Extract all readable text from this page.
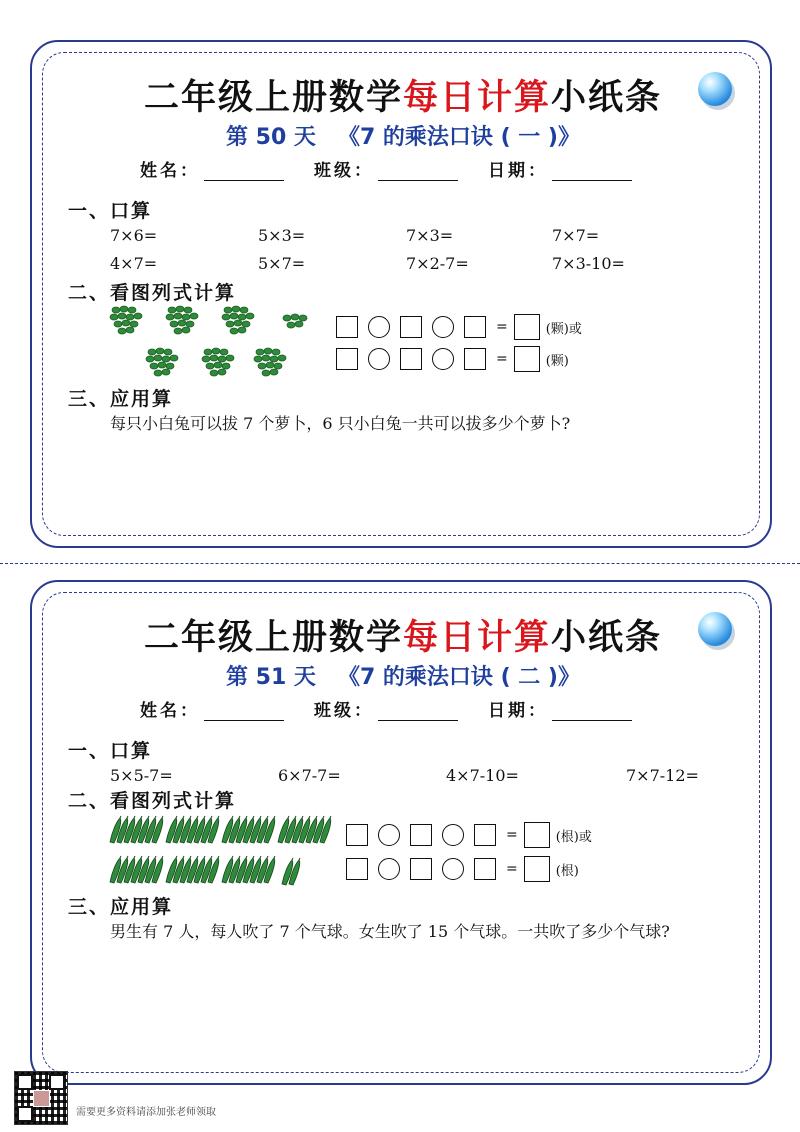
二年级上册数学每日计算小纸条
第 50 天 《7 的乘法口诀 ( 一 )》
姓名：	班级：	日期：
一、口算
7×6=	5×3=	7×3=	7×7=
4×7=	5×7=	7×2-7=	7×3-10=
二、看图列式计算
=	(颗)或
=	(颗)
三、应用算
每只小白兔可以拔 7 个萝卜，6 只小白兔一共可以拔多少个萝卜?
二年级上册数学每日计算小纸条
第 51 天 《7 的乘法口诀 ( 二 )》
姓名：	班级：	日期：
一、口算
5×5-7=	6×7-7=	4×7-10=	7×7-12=
二、看图列式计算
=	(根)或
=	(根)
三、应用算
男生有 7 人，每人吹了 7 个气球。女生吹了 15 个气球。一共吹了多少个气球?
需要更多资料请添加张老师领取
